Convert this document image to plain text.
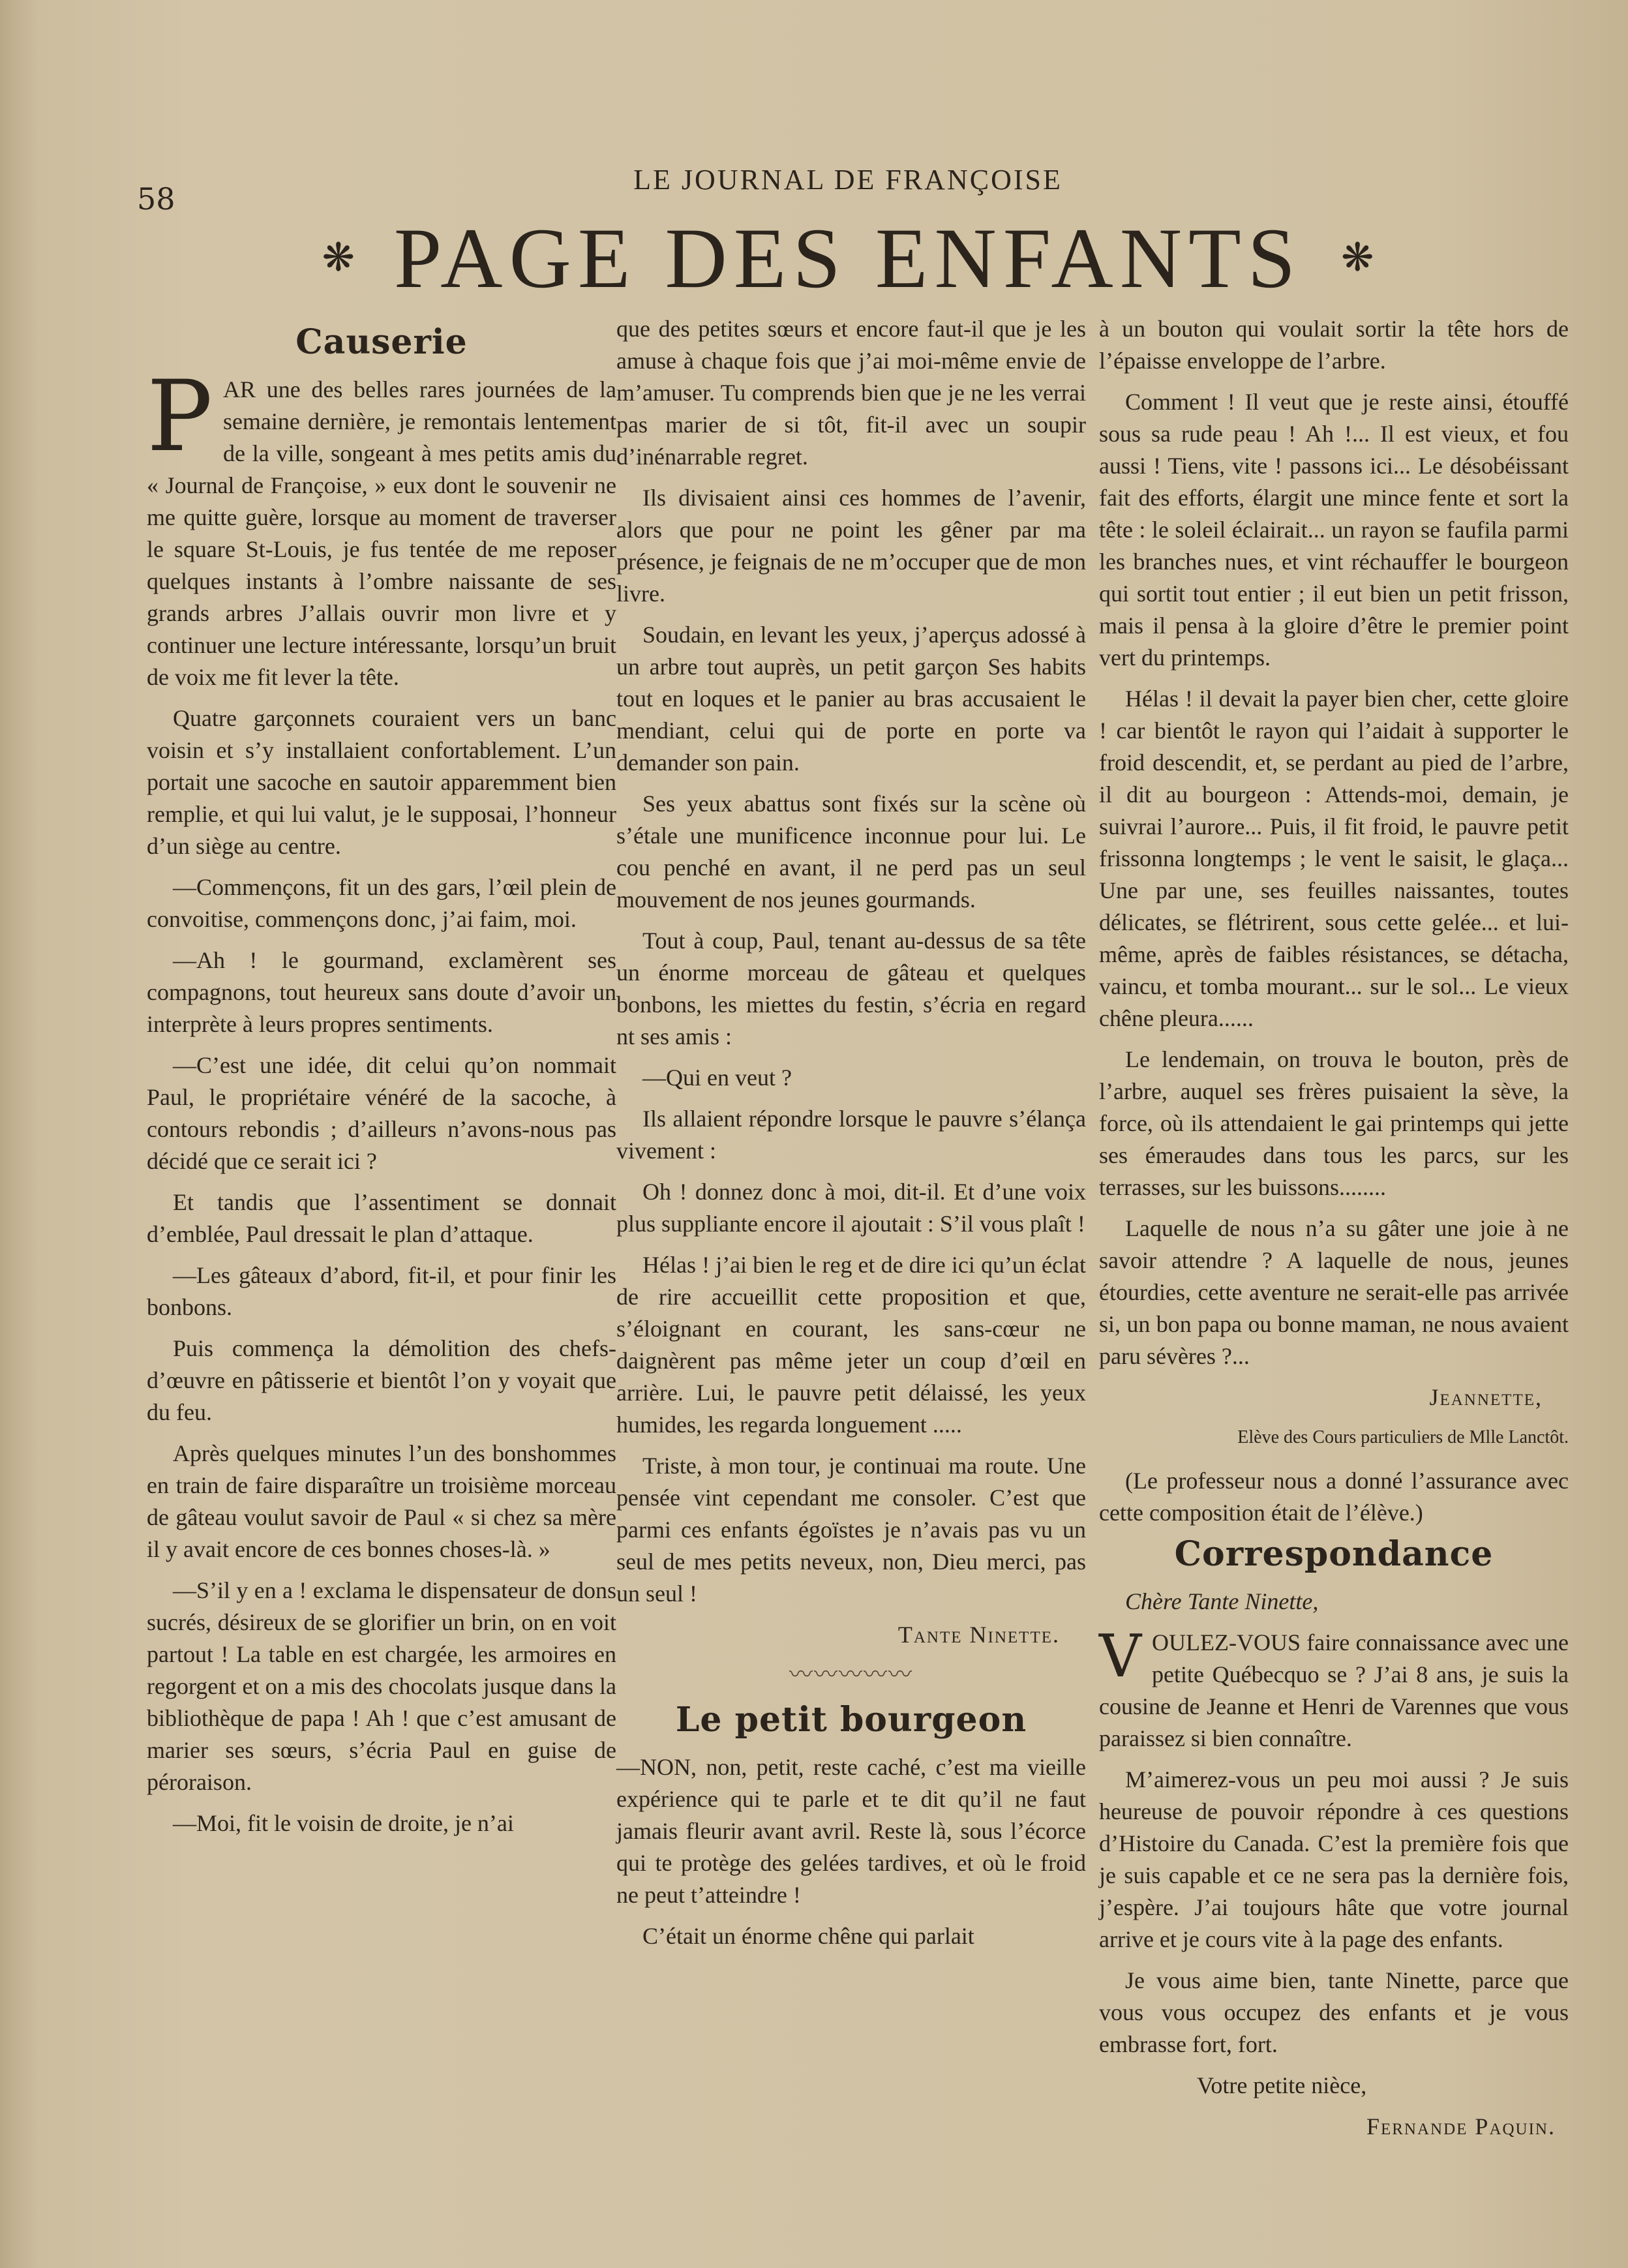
58
LE JOURNAL DE FRANÇOISE
❋ PAGE DES ENFANTS ❋
Causerie

P AR une des belles rares journées de la semaine dernière, je remontais lentement de la ville, songeant à mes petits amis du « Journal de Françoise, » eux dont le souvenir ne me quitte guère, lorsque au moment de traverser le square St-Louis, je fus tentée de me reposer quelques instants à l’ombre naissante de ses grands arbres J’allais ouvrir mon livre et y continuer une lecture intéressante, lorsqu’un bruit de voix me fit lever la tête.

Quatre garçonnets couraient vers un banc voisin et s’y installaient confortablement. L’un portait une sacoche en sautoir apparemment bien remplie, et qui lui valut, je le supposai, l’honneur d’un siège au centre.

—Commençons, fit un des gars, l’œil plein de convoitise, commençons donc, j’ai faim, moi.

—Ah ! le gourmand, exclamèrent ses compagnons, tout heureux sans doute d’avoir un interprète à leurs propres sentiments.

—C’est une idée, dit celui qu’on nommait Paul, le propriétaire vénéré de la sacoche, à contours rebondis ; d’ailleurs n’avons-nous pas décidé que ce serait ici ?

Et tandis que l’assentiment se donnait d’emblée, Paul dressait le plan d’attaque.

—Les gâteaux d’abord, fit-il, et pour finir les bonbons.

Puis commença la démolition des chefs-d’œuvre en pâtisserie et bientôt l’on y voyait que du feu.

Après quelques minutes l’un des bonshommes en train de faire disparaître un troisième morceau de gâteau voulut savoir de Paul « si chez sa mère il y avait encore de ces bonnes choses-là. »

—S’il y en a ! exclama le dispensateur de dons sucrés, désireux de se glorifier un brin, on en voit partout ! La table en est chargée, les armoires en regorgent et on a mis des chocolats jusque dans la bibliothèque de papa ! Ah ! que c’est amusant de marier ses sœurs, s’écria Paul en guise de péroraison.

—Moi, fit le voisin de droite, je n’ai

que des petites sœurs et encore faut-il que je les amuse à chaque fois que j’ai moi-même envie de m’amuser. Tu comprends bien que je ne les verrai pas marier de si tôt, fit-il avec un soupir d’inénarrable regret.

Ils divisaient ainsi ces hommes de l’avenir, alors que pour ne point les gêner par ma présence, je feignais de ne m’occuper que de mon livre.

Soudain, en levant les yeux, j’aperçus adossé à un arbre tout auprès, un petit garçon Ses habits tout en loques et le panier au bras accusaient le mendiant, celui qui de porte en porte va demander son pain.

Ses yeux abattus sont fixés sur la scène où s’étale une munificence inconnue pour lui. Le cou penché en avant, il ne perd pas un seul mouvement de nos jeunes gourmands.

Tout à coup, Paul, tenant au-dessus de sa tête un énorme morceau de gâteau et quelques bonbons, les miettes du festin, s’écria en regard nt ses amis :

—Qui en veut ?

Ils allaient répondre lorsque le pauvre s’élança vivement :

Oh ! donnez donc à moi, dit-il. Et d’une voix plus suppliante encore il ajoutait : S’il vous plaît !

Hélas ! j’ai bien le reg et de dire ici qu’un éclat de rire accueillit cette proposition et que, s’éloignant en courant, les sans-cœur ne daignèrent pas même jeter un coup d’œil en arrière. Lui, le pauvre petit délaissé, les yeux humides, les regarda longuement .....

Triste, à mon tour, je continuai ma route. Une pensée vint cependant me consoler. C’est que parmi ces enfants égoïstes je n’avais pas vu un seul de mes petits neveux, non, Dieu merci, pas un seul !

Tante Ninette.
〰〰〰〰〰
Le petit bourgeon

—NON, non, petit, reste caché, c’est ma vieille expérience qui te parle et te dit qu’il ne faut jamais fleurir avant avril. Reste là, sous l’écorce qui te protège des gelées tardives, et où le froid ne peut t’atteindre !

C’était un énorme chêne qui parlait

à un bouton qui voulait sortir la tête hors de l’épaisse enveloppe de l’arbre.

Comment ! Il veut que je reste ainsi, étouffé sous sa rude peau ! Ah !... Il est vieux, et fou aussi ! Tiens, vite ! passons ici... Le désobéissant fait des efforts, élargit une mince fente et sort la tête : le soleil éclairait... un rayon se faufila parmi les branches nues, et vint réchauffer le bourgeon qui sortit tout entier ; il eut bien un petit frisson, mais il pensa à la gloire d’être le premier point vert du printemps.

Hélas ! il devait la payer bien cher, cette gloire ! car bientôt le rayon qui l’aidait à supporter le froid descendit, et, se perdant au pied de l’arbre, il dit au bourgeon : Attends-moi, demain, je suivrai l’aurore... Puis, il fit froid, le pauvre petit frissonna longtemps ; le vent le saisit, le glaça... Une par une, ses feuilles naissantes, toutes délicates, se flétrirent, sous cette gelée... et lui-même, après de faibles résistances, se détacha, vaincu, et tomba mourant... sur le sol... Le vieux chêne pleura......

Le lendemain, on trouva le bouton, près de l’arbre, auquel ses frères puisaient la sève, la force, où ils attendaient le gai printemps qui jette ses émeraudes dans tous les parcs, sur les terrasses, sur les buissons........

Laquelle de nous n’a su gâter une joie à ne savoir attendre ? A laquelle de nous, jeunes étourdies, cette aventure ne serait-elle pas arrivée si, un bon papa ou bonne maman, ne nous avaient paru sévères ?...

Jeannette,
Elève des Cours particuliers de Mlle Lanctôt.

(Le professeur nous a donné l’assurance avec cette composition était de l’élève.)

Correspondance
Chère Tante Ninette,

V OULEZ-VOUS faire connaissance avec une petite Québecquo se ? J’ai 8 ans, je suis la cousine de Jeanne et Henri de Varennes que vous paraissez si bien connaître.

M’aimerez-vous un peu moi aussi ? Je suis heureuse de pouvoir répondre à ces questions d’Histoire du Canada. C’est la première fois que je suis capable et ce ne sera pas la dernière fois, j’espère. J’ai toujours hâte que votre journal arrive et je cours vite à la page des enfants.

Je vous aime bien, tante Ninette, parce que vous vous occupez des enfants et je vous embrasse fort, fort.

Votre petite nièce,

Fernande Paquin.
